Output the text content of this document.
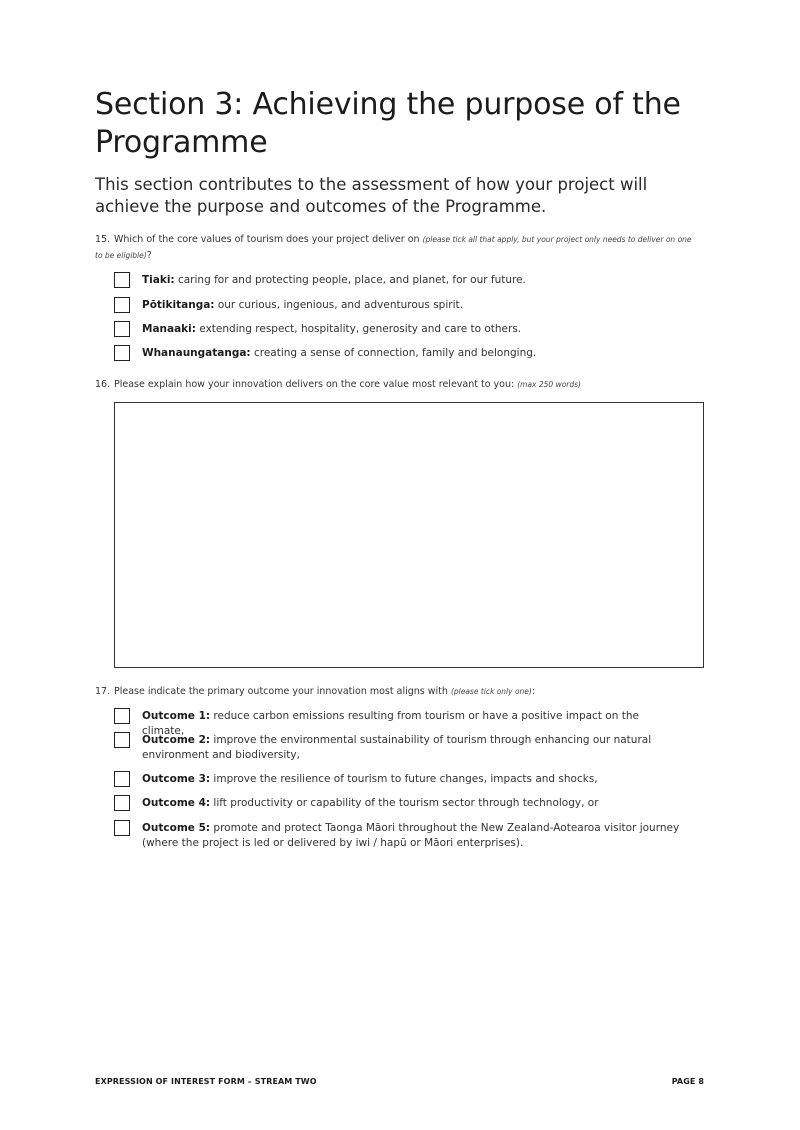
Section 3: Achieving the purpose of the Programme
This section contributes to the assessment of how your project will achieve the purpose and outcomes of the Programme.
15. Which of the core values of tourism does your project deliver on (please tick all that apply, but your project only needs to deliver on one to be eligible)?
Tiaki: caring for and protecting people, place, and planet, for our future.
Pōtikitanga: our curious, ingenious, and adventurous spirit.
Manaaki: extending respect, hospitality, generosity and care to others.
Whanaungatanga: creating a sense of connection, family and belonging.
16. Please explain how your innovation delivers on the core value most relevant to you: (max 250 words)
17. Please indicate the primary outcome your innovation most aligns with (please tick only one):
Outcome 1: reduce carbon emissions resulting from tourism or have a positive impact on the climate,
Outcome 2: improve the environmental sustainability of tourism through enhancing our natural environment and biodiversity,
Outcome 3: improve the resilience of tourism to future changes, impacts and shocks,
Outcome 4: lift productivity or capability of the tourism sector through technology, or
Outcome 5: promote and protect Taonga Māori throughout the New Zealand-Aotearoa visitor journey (where the project is led or delivered by iwi / hapū or Māori enterprises).
EXPRESSION OF INTEREST FORM – STREAM TWO	PAGE 8
